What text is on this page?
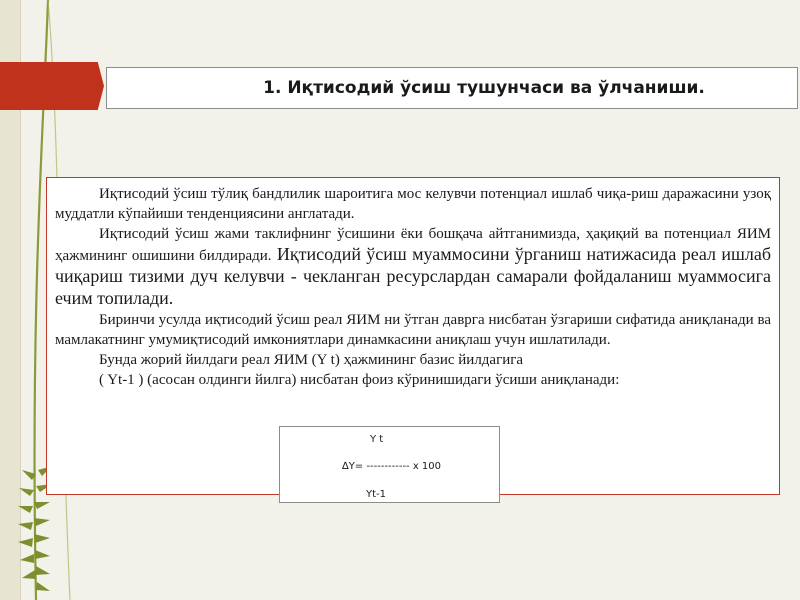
1. Иқтисодий ўсиш тушунчаси ва ўлчаниши.

Иқтисодий ўсиш тўлиқ бандлилик шароитига мос келувчи потенциал ишлаб чиқа-риш даражасини узоқ муддатли кўпайиши тенденциясини англатади.

Иқтисодий ўсиш жами таклифнинг ўсишини ёки бошқача айтганимизда, ҳақиқий ва потенциал ЯИМ ҳажмининг ошишини билдиради. Иқтисодий ўсиш муаммосини ўрганиш натижасида реал ишлаб чиқариш тизими дуч келувчи - чекланган ресурслардан самарали фойдаланиш муаммосига ечим топилади.

Биринчи усулда иқтисодий ўсиш реал ЯИМ ни ўтган даврга нисбатан ўзгариши сифатида аниқланади ва мамлакатнинг умумиқтисодий имкониятлари динамкасини аниқлаш учун ишлатилади.

Бунда жорий йилдаги реал ЯИМ (Y t) ҳажмининг базис йилдагига

( Yt-1 ) (асосан олдинги йилга) нисбатан фоиз кўринишидаги ўсиши аниқланади:

Y t
∆Y= ------------ x 100
Yt-1
